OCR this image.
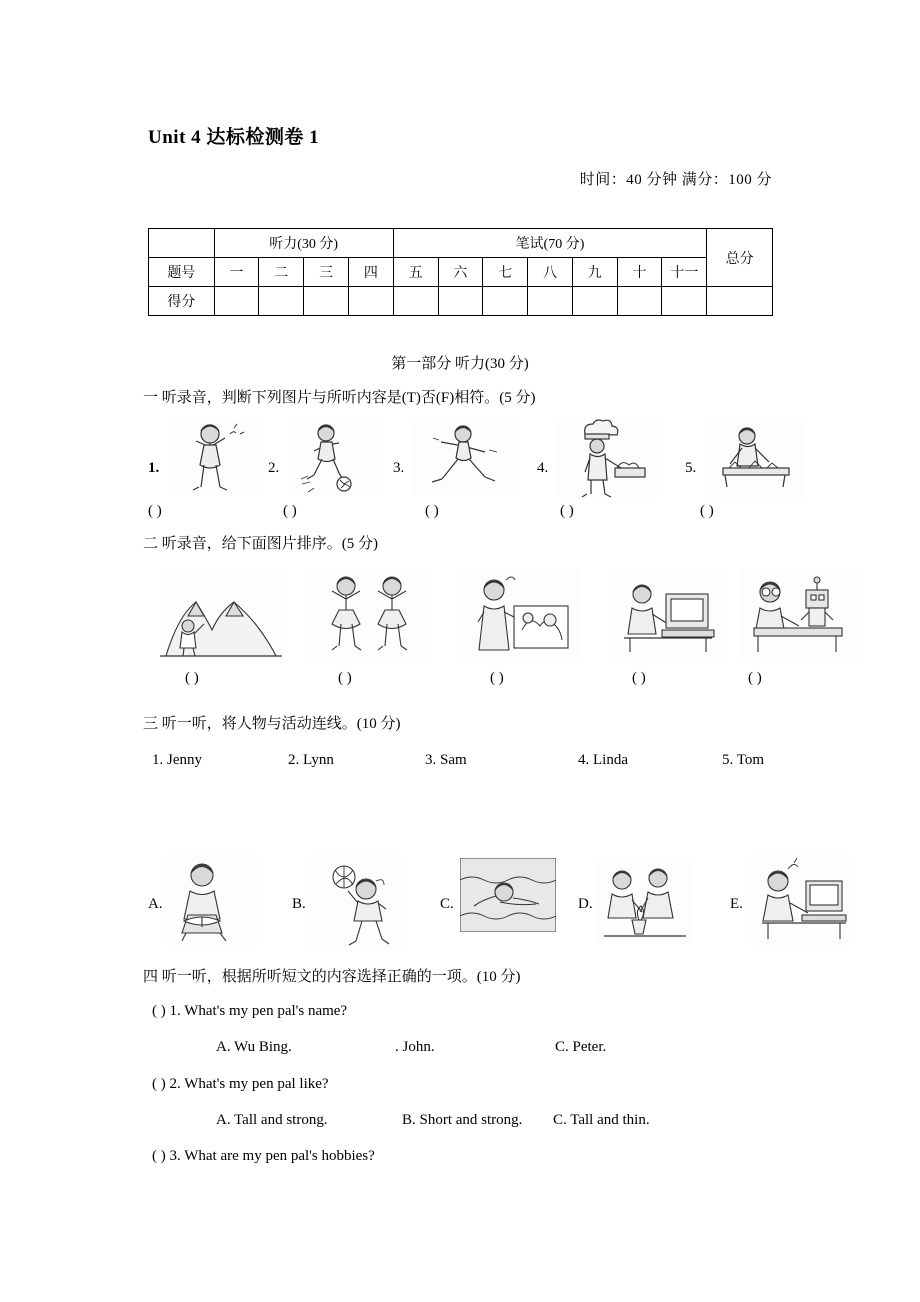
Unit 4 达标检测卷 1
时间：40 分钟 满分：100 分
	听力(30 分)				笔试(70 分)							总分
题号	一	二	三	四	五	六	七	八	九	十	十一	
得分												
第一部分 听力(30 分)
一 听录音，判断下列图片与所听内容是(T)否(F)相符。(5 分)
1.	2.	3.	4.	5.
( )	( )	( )	( )	( )
二 听录音，给下面图片排序。(5 分)
( )	( )	( )	( )	( )
三 听一听，将人物与活动连线。(10 分)
1. Jenny	2. Lynn	3. Sam	4. Linda	5. Tom
A.	B.	C.	D.	E.
四 听一听，根据所听短文的内容选择正确的一项。(10 分)
( ) 1. What's my pen pal's name?
A. Wu Bing.	. John.	C. Peter.
( ) 2. What's my pen pal like?
A. Tall and strong.	B. Short and strong. C. Tall and thin.
( ) 3. What are my pen pal's hobbies?
